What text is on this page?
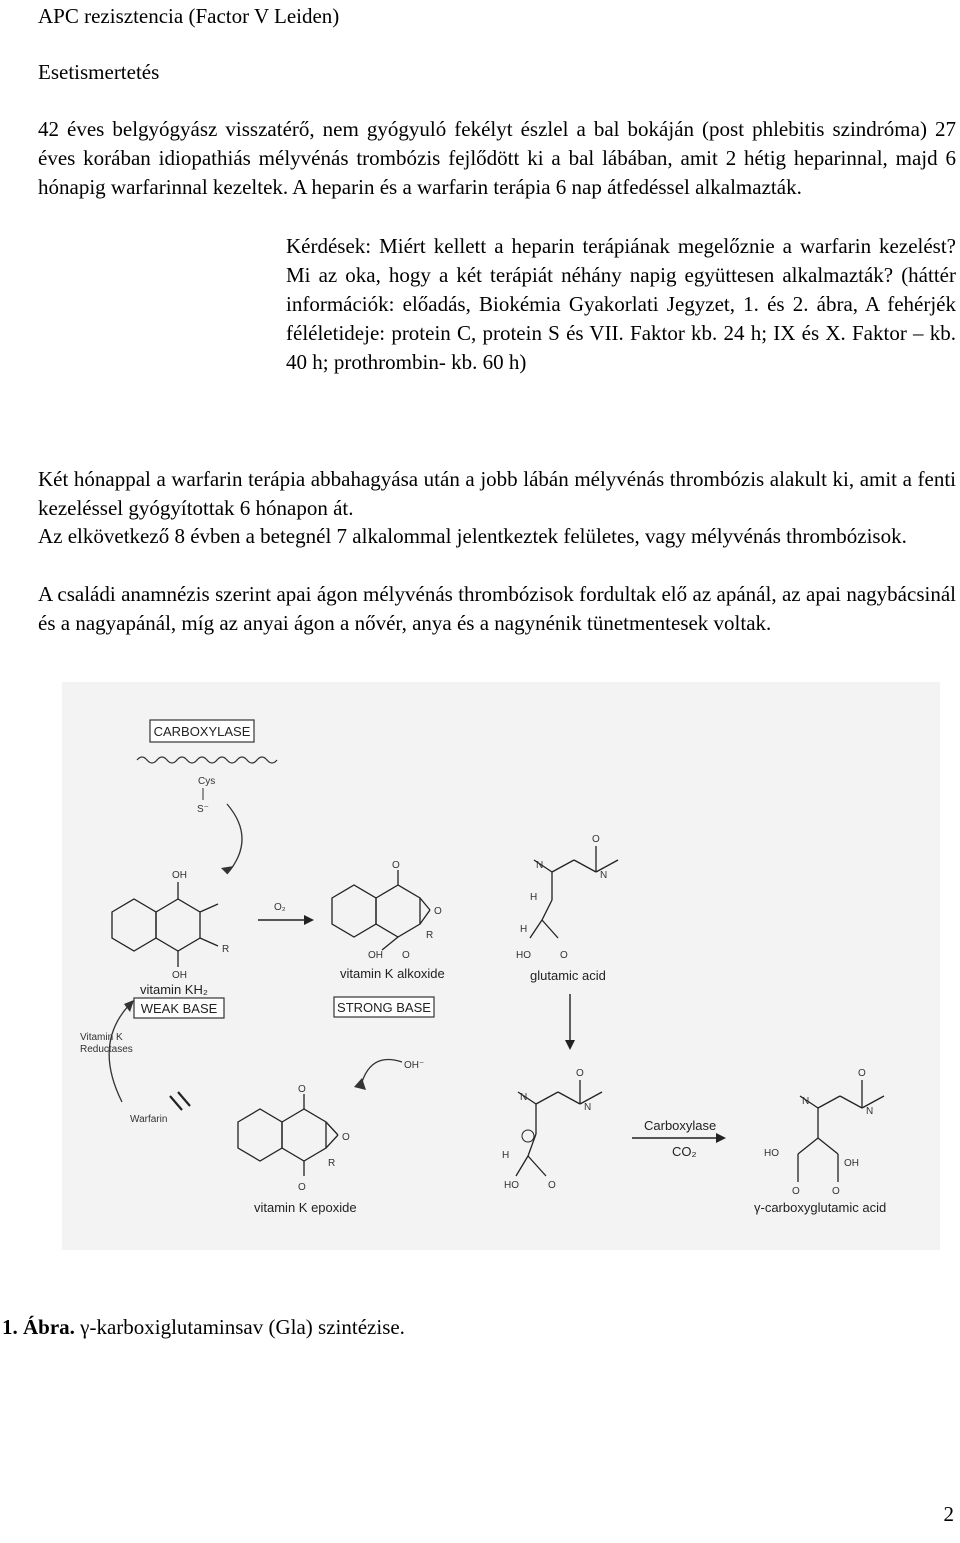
APC rezisztencia (Factor V Leiden)
Esetismertetés
42 éves belgyógyász visszatérő, nem gyógyuló fekélyt észlel a bal bokáján (post phlebitis szindróma) 27 éves korában idiopathiás mélyvénás trombózis fejlődött ki a bal lábában, amit 2 hétig heparinnal, majd 6 hónapig warfarinnal kezeltek. A heparin és a warfarin terápia 6 nap átfedéssel alkalmazták.
Kérdések: Miért kellett a heparin terápiának megelőznie a warfarin kezelést? Mi az oka, hogy a két terápiát néhány napig együttesen alkalmazták? (háttér információk: előadás, Biokémia Gyakorlati Jegyzet, 1. és 2. ábra, A fehérjék féléletideje: protein C, protein S és VII. Faktor kb. 24 h; IX és X. Faktor – kb. 40 h; prothrombin- kb. 60 h)
Két hónappal a warfarin terápia abbahagyása után a jobb lábán mélyvénás thrombózis alakult ki, amit a fenti kezeléssel gyógyítottak 6 hónapon át.
Az elkövetkező 8 évben a betegnél 7 alkalommal jelentkeztek felületes, vagy mélyvénás thrombózisok.
A családi anamnézis szerint apai ágon mélyvénás thrombózisok fordultak elő az apánál, az apai nagybácsinál és a nagyapánál, míg az anyai ágon a nővér, anya és a nagynénik tünetmentesek voltak.
CARBOXYLASE
Cys
S⁻
OH
OH
R
vitamin KH₂
WEAK BASE
O₂
O
O
R
OH O
vitamin K alkoxide
STRONG BASE
N
O
N
H
H
HO	O
glutamic acid
Vitamin K
Reductases
Warfarin
OH⁻
O
O
R
O
vitamin K epoxide
N
O
N
H
HO	O
Carboxylase
CO₂
N
O
N
HO
OH
O	O
γ-carboxyglutamic acid
1. Ábra. γ-karboxiglutaminsav (Gla) szintézise.
2
